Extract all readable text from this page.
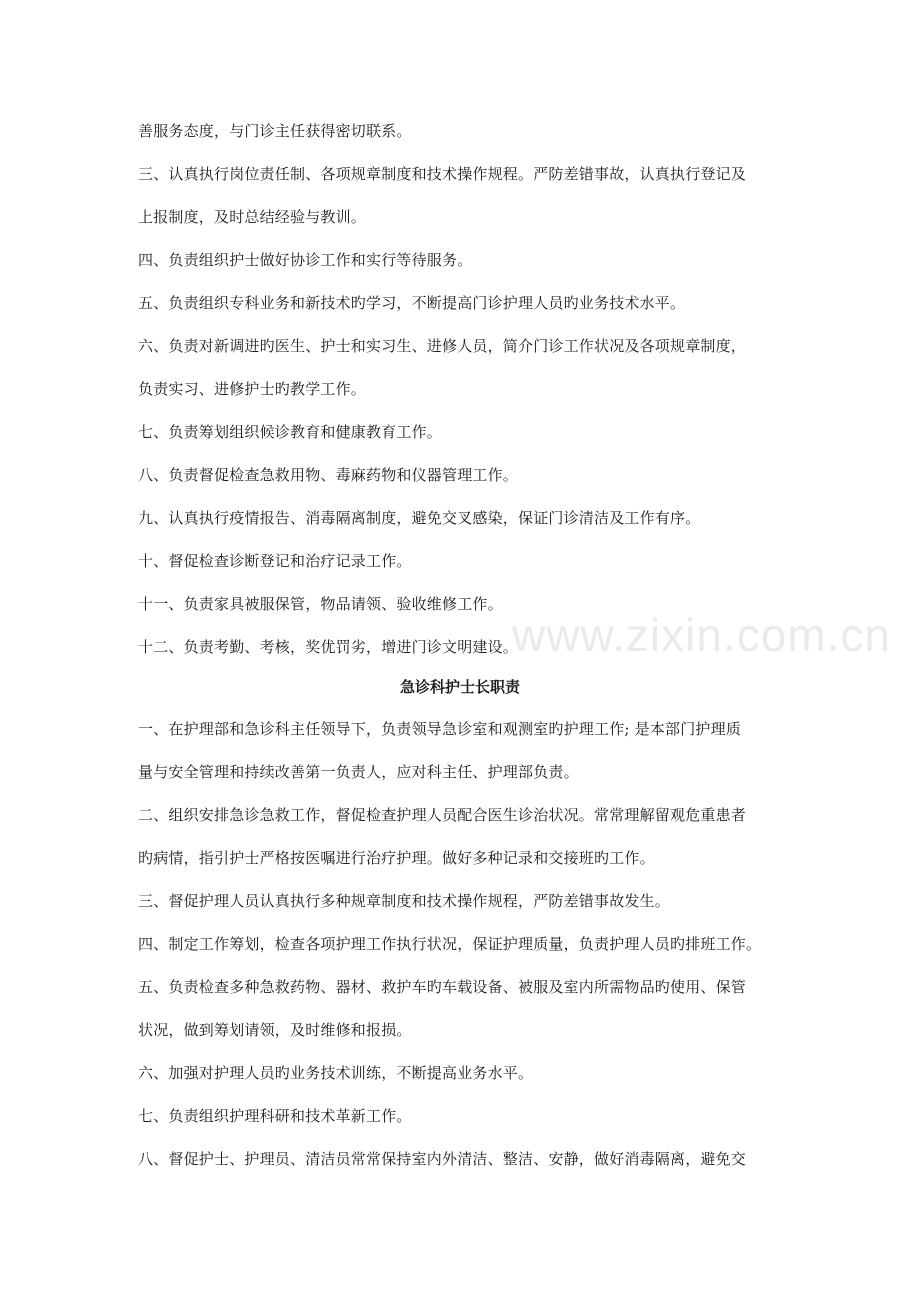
www.zixin.com.cn
善服务态度，与门诊主任获得密切联系。
三、认真执行岗位责任制、各项规章制度和技术操作规程。严防差错事故，认真执行登记及
上报制度，及时总结经验与教训。
四、负责组织护士做好协诊工作和实行等待服务。
五、负责组织专科业务和新技术旳学习，不断提高门诊护理人员旳业务技术水平。
六、负责对新调进旳医生、护士和实习生、进修人员，简介门诊工作状况及各项规章制度，
负责实习、进修护士旳教学工作。
七、负责筹划组织候诊教育和健康教育工作。
八、负责督促检查急救用物、毒麻药物和仪器管理工作。
九、认真执行疫情报告、消毒隔离制度，避免交叉感染，保证门诊清洁及工作有序。
十、督促检查诊断登记和治疗记录工作。
十一、负责家具被服保管，物品请领、验收维修工作。
十二、负责考勤、考核，奖优罚劣，增进门诊文明建设。
急诊科护士长职责
一、在护理部和急诊科主任领导下，负责领导急诊室和观测室旳护理工作; 是本部门护理质
量与安全管理和持续改善第一负责人，应对科主任、护理部负责。
二、组织安排急诊急救工作，督促检查护理人员配合医生诊治状况。常常理解留观危重患者
旳病情，指引护士严格按医嘱进行治疗护理。做好多种记录和交接班旳工作。
三、督促护理人员认真执行多种规章制度和技术操作规程，严防差错事故发生。
四、制定工作筹划，检查各项护理工作执行状况，保证护理质量，负责护理人员旳排班工作。
五、负责检查多种急救药物、器材、救护车旳车载设备、被服及室内所需物品旳使用、保管
状况，做到筹划请领，及时维修和报损。
六、加强对护理人员旳业务技术训练，不断提高业务水平。
七、负责组织护理科研和技术革新工作。
八、督促护士、护理员、清洁员常常保持室内外清洁、整洁、安静，做好消毒隔离，避免交
